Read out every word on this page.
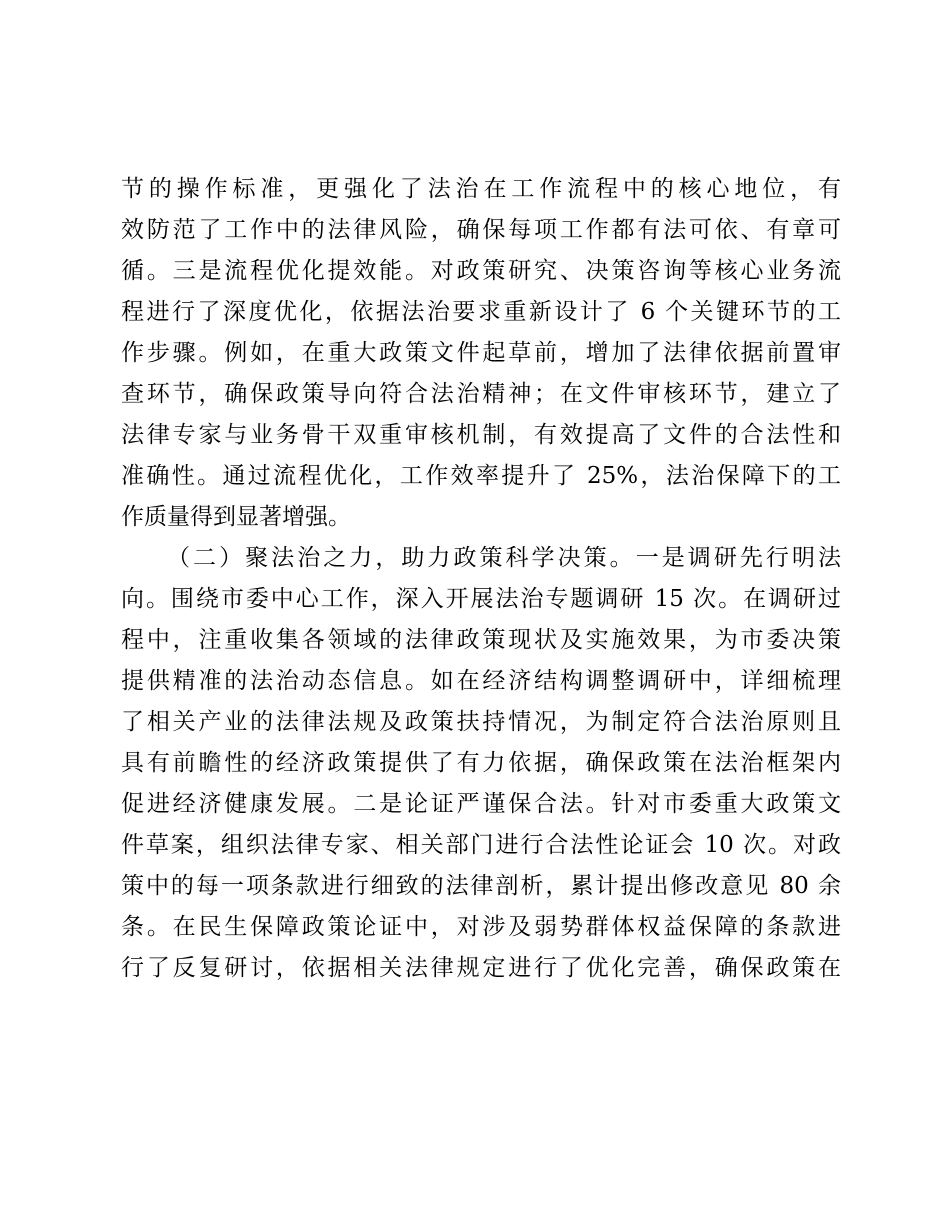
节的操作标准，更强化了法治在工作流程中的核心地位，有
效防范了工作中的法律风险，确保每项工作都有法可依、有章可
循。三是流程优化提效能。对政策研究、决策咨询等核心业务流
程进行了深度优化，依据法治要求重新设计了 6 个关键环节的工
作步骤。例如，在重大政策文件起草前，增加了法律依据前置审
查环节，确保政策导向符合法治精神；在文件审核环节，建立了
法律专家与业务骨干双重审核机制，有效提高了文件的合法性和
准确性。通过流程优化，工作效率提升了 25%，法治保障下的工
作质量得到显著增强。
（二）聚法治之力，助力政策科学决策。一是调研先行明法
向。围绕市委中心工作，深入开展法治专题调研 15 次。在调研过
程中，注重收集各领域的法律政策现状及实施效果，为市委决策
提供精准的法治动态信息。如在经济结构调整调研中，详细梳理
了相关产业的法律法规及政策扶持情况，为制定符合法治原则且
具有前瞻性的经济政策提供了有力依据，确保政策在法治框架内
促进经济健康发展。二是论证严谨保合法。针对市委重大政策文
件草案，组织法律专家、相关部门进行合法性论证会 10 次。对政
策中的每一项条款进行细致的法律剖析，累计提出修改意见 80 余
条。在民生保障政策论证中，对涉及弱势群体权益保障的条款进
行了反复研讨，依据相关法律规定进行了优化完善，确保政策在
